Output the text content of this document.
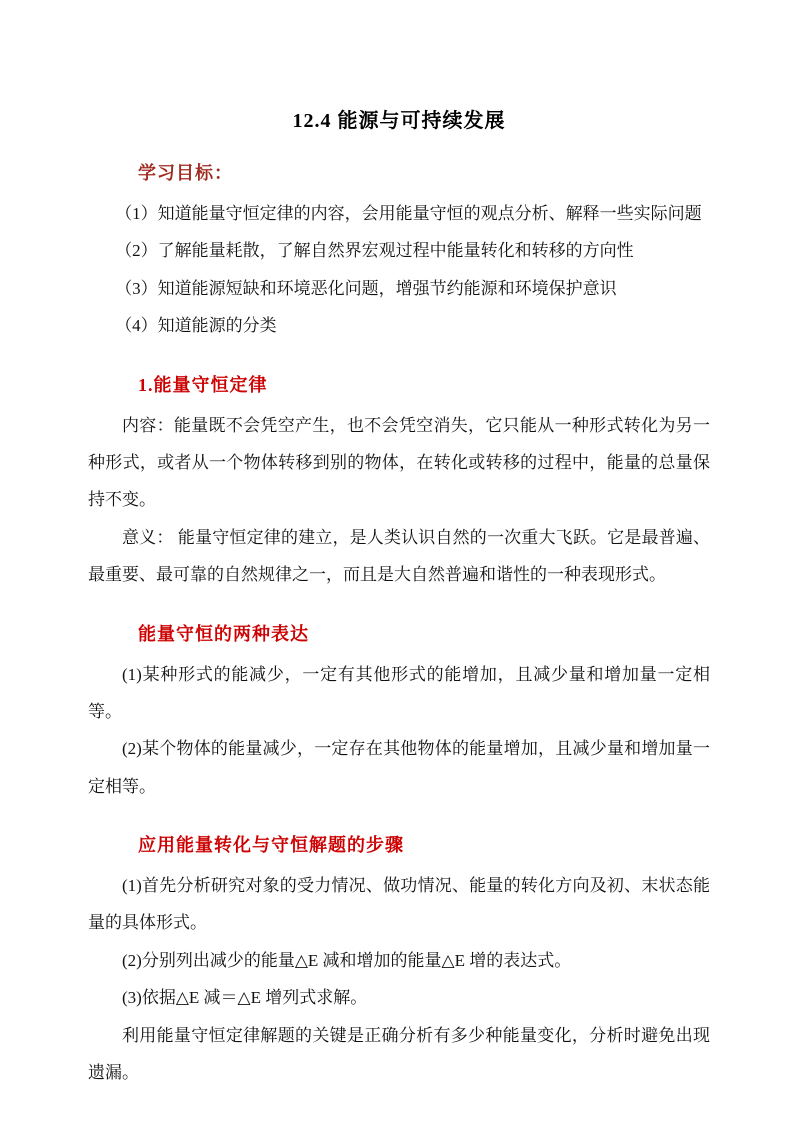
12.4 能源与可持续发展
学习目标：

（1）知道能量守恒定律的内容，会用能量守恒的观点分析、解释一些实际问题

（2）了解能量耗散，了解自然界宏观过程中能量转化和转移的方向性

（3）知道能源短缺和环境恶化问题，增强节约能源和环境保护意识

（4）知道能源的分类

1.能量守恒定律

内容：能量既不会凭空产生，也不会凭空消失，它只能从一种形式转化为另一种形式，或者从一个物体转移到别的物体，在转化或转移的过程中，能量的总量保持不变。

意义： 能量守恒定律的建立，是人类认识自然的一次重大飞跃。它是最普遍、最重要、最可靠的自然规律之一，而且是大自然普遍和谐性的一种表现形式。

能量守恒的两种表达

(1)某种形式的能减少，一定有其他形式的能增加，且减少量和增加量一定相等。

(2)某个物体的能量减少，一定存在其他物体的能量增加，且减少量和增加量一定相等。

应用能量转化与守恒解题的步骤

(1)首先分析研究对象的受力情况、做功情况、能量的转化方向及初、末状态能量的具体形式。

(2)分别列出减少的能量△E 减和增加的能量△E 增的表达式。

(3)依据△E 减＝△E 增列式求解。

利用能量守恒定律解题的关键是正确分析有多少种能量变化，分析时避免出现遗漏。
